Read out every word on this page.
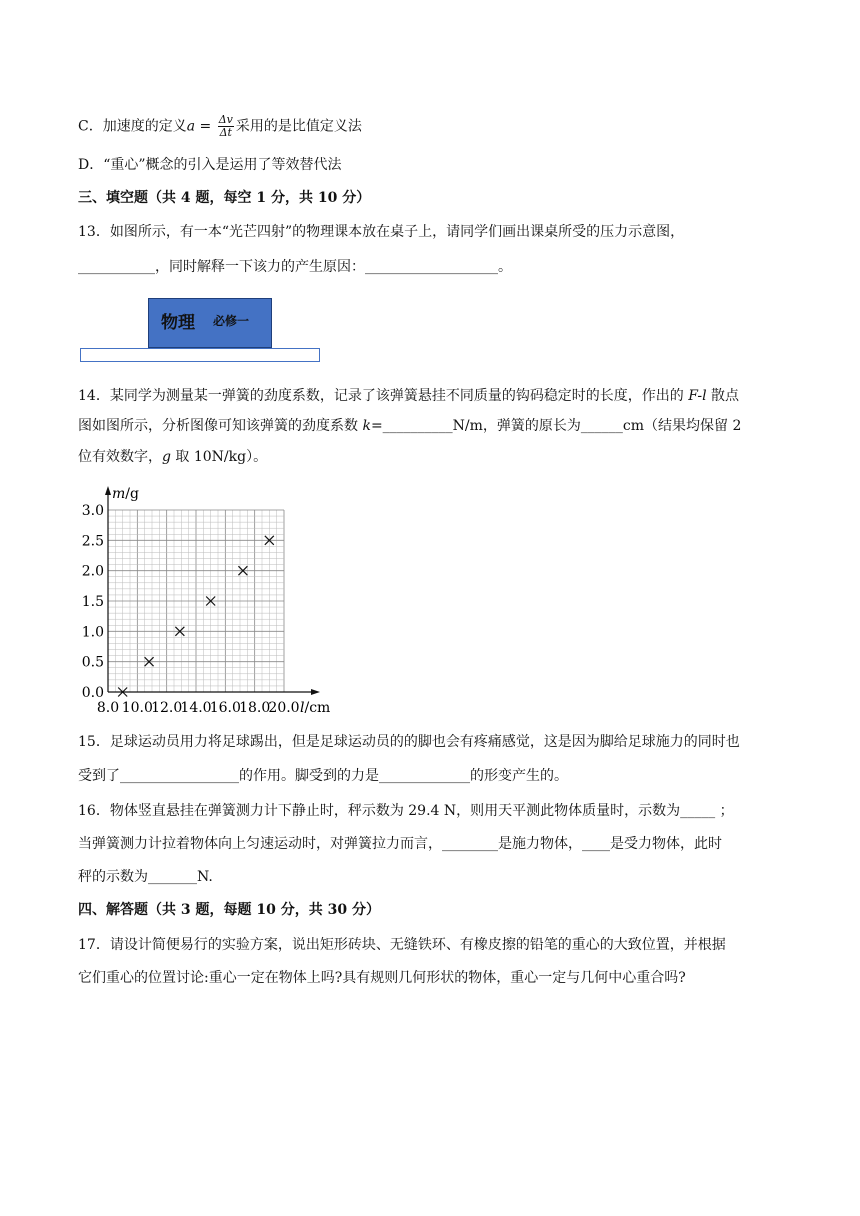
C．加速度的定义$a = \frac{\Delta v}{\Delta t}$ 采用的是比值定义法
D．“重心”概念的引入是运用了等效替代法
三、填空题（共 4 题，每空 1 分，共 10 分）
13．如图所示，有一本“光芒四射”的物理课本放在桌子上，请同学们画出课桌所受的压力示意图，
___________，同时解释一下该力的产生原因：___________________。
物理 必修一
14．某同学为测量某一弹簧的劲度系数，记录了该弹簧悬挂不同质量的钩码稳定时的长度，作出的 F-l 散点
图如图所示，分析图像可知该弹簧的劲度系数 k=__________N/m，弹簧的原长为______cm（结果均保留 2
位有效数字，g 取 10N/kg）。
8.0 10.0
12.0
14.0
16.0
18.0
20.0
0.0
0.5
1.0
1.5
2.0
2.5
3.0
m/g
l/cm
15．足球运动员用力将足球踢出，但是足球运动员的的脚也会有疼痛感觉，这是因为脚给足球施力的同时也
受到了_________________的作用。脚受到的力是_____________的形变产生的。
16．物体竖直悬挂在弹簧测力计下静止时，秤示数为 29.4 N，则用天平测此物体质量时，示数为_____ ；
当弹簧测力计拉着物体向上匀速运动时，对弹簧拉力而言，________是施力物体，____是受力物体，此时
秤的示数为_______N.
四、解答题（共 3 题，每题 10 分，共 30 分）
17．请设计简便易行的实验方案，说出矩形砖块、无缝铁环、有橡皮擦的铅笔的重心的大致位置，并根据
它们重心的位置讨论:重心一定在物体上吗?具有规则几何形状的物体，重心一定与几何中心重合吗?
